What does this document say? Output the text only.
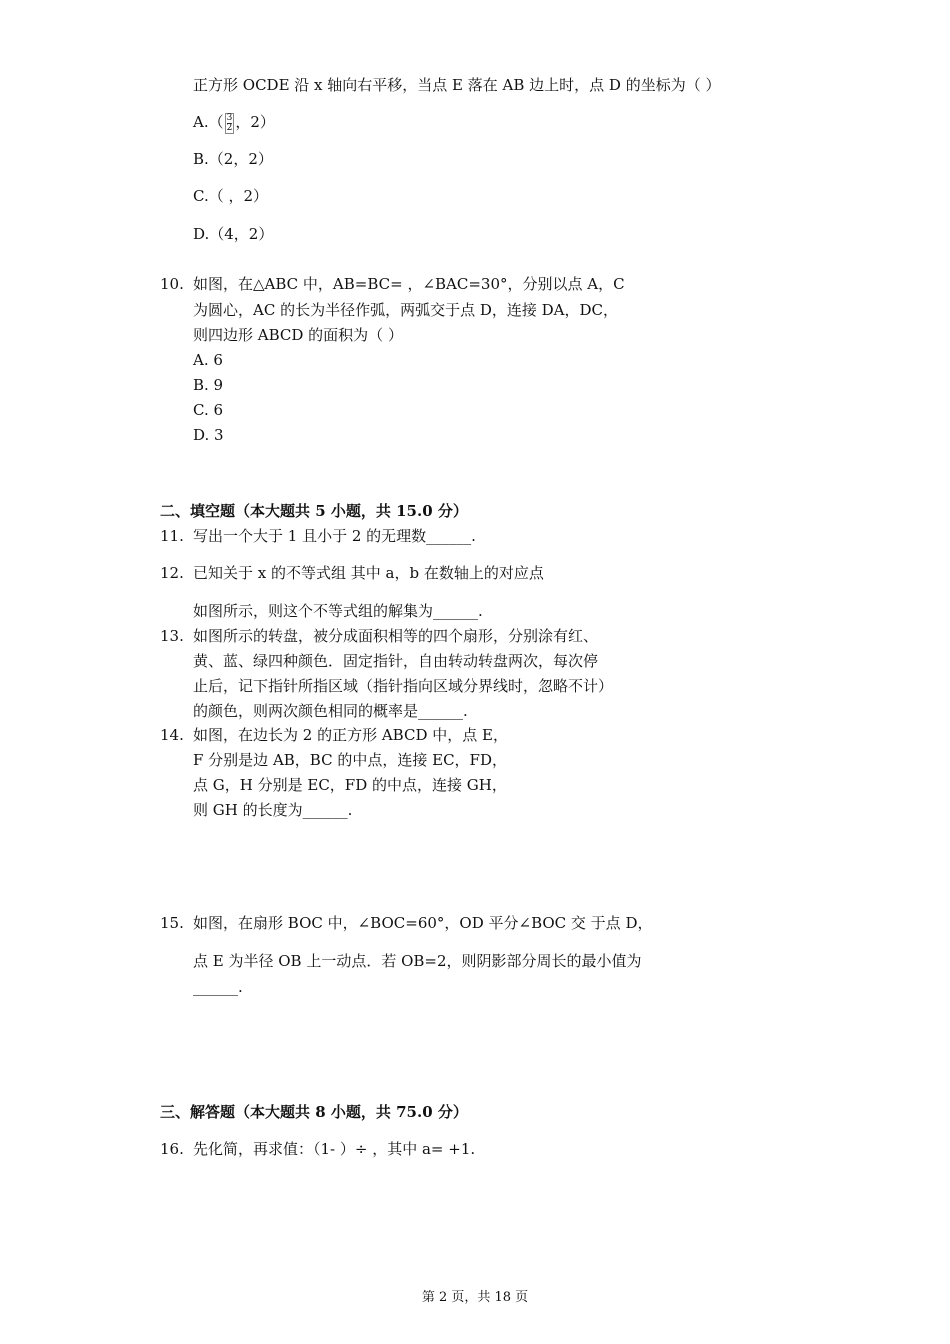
正方形 OCDE 沿 x 轴向右平移，当点 E 落在 AB 边上时，点 D 的坐标为（ ）
$A.( \frac{3}{2}$ ，2）
B.（2，2）
C.（ ，2）
D.（4，2）
10. 如图，在△ABC 中，AB=BC= ，∠BAC=30°，分别以点 A，C
为圆心，AC 的长为半径作弧，两弧交于点 D，连接 DA，DC，
则四边形 ABCD 的面积为（ ）
A. 6
B. 9
C. 6
D. 3
二、填空题（本大题共 5 小题，共 15.0 分）
11. 写出一个大于 1 且小于 2 的无理数______.
12. 已知关于 x 的不等式组 其中 a，b 在数轴上的对应点
如图所示，则这个不等式组的解集为______.
13. 如图所示的转盘，被分成面积相等的四个扇形，分别涂有红、
黄、蓝、绿四种颜色．固定指针，自由转动转盘两次，每次停
止后，记下指针所指区域（指针指向区域分界线时，忽略不计）
的颜色，则两次颜色相同的概率是______.
14. 如图，在边长为 2 的正方形 ABCD 中，点 E，
F 分别是边 AB，BC 的中点，连接 EC，FD，
点 G，H 分别是 EC，FD 的中点，连接 GH，
则 GH 的长度为______.
15. 如图，在扇形 BOC 中，∠BOC=60°，OD 平分∠BOC 交 于点 D，
点 E 为半径 OB 上一动点．若 OB=2，则阴影部分周长的最小值为
______.
三、解答题（本大题共 8 小题，共 75.0 分）
16. 先化简，再求值：（1- ）÷ ，其中 a= +1.
第 2 页，共 18 页
